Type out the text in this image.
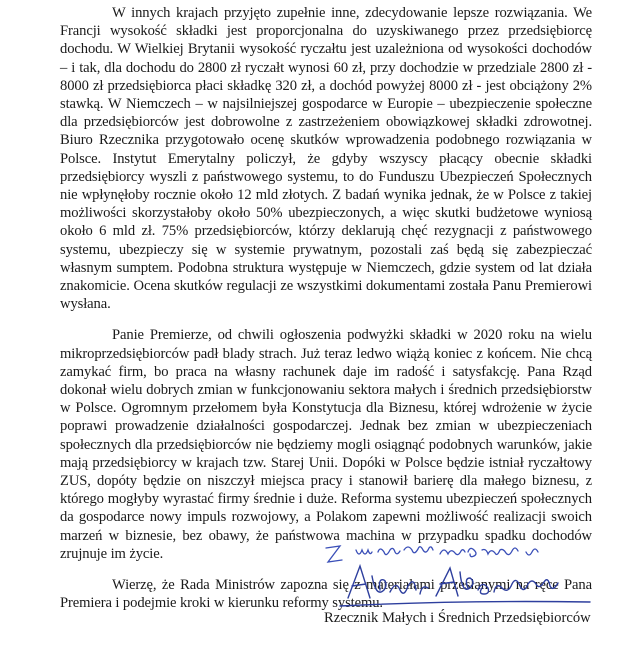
W innych krajach przyjęto zupełnie inne, zdecydowanie lepsze rozwiązania. We Francji wysokość składki jest proporcjonalna do uzyskiwanego przez przedsiębiorcę dochodu. W Wielkiej Brytanii wysokość ryczałtu jest uzależniona od wysokości dochodów – i tak, dla dochodu do 2800 zł ryczałt wynosi 60 zł, przy dochodzie w przedziale 2800 zł - 8000 zł przedsiębiorca płaci składkę 320 zł, a dochód powyżej 8000 zł - jest obciążony 2% stawką. W Niemczech – w najsilniejszej gospodarce w Europie – ubezpieczenie społeczne dla przedsiębiorców jest dobrowolne z zastrzeżeniem obowiązkowej składki zdrowotnej. Biuro Rzecznika przygotowało ocenę skutków wprowadzenia podobnego rozwiązania w Polsce. Instytut Emerytalny policzył, że gdyby wszyscy płacący obecnie składki przedsiębiorcy wyszli z państwowego systemu, to do Funduszu Ubezpieczeń Społecznych nie wpłynęłoby rocznie około 12 mld złotych. Z badań wynika jednak, że w Polsce z takiej możliwości skorzystałoby około 50% ubezpieczonych, a więc skutki budżetowe wyniosą około 6 mld zł. 75% przedsiębiorców, którzy deklarują chęć rezygnacji z państwowego systemu, ubezpieczy się w systemie prywatnym, pozostali zaś będą się zabezpieczać własnym sumptem. Podobna struktura występuje w Niemczech, gdzie system od lat działa znakomicie. Ocena skutków regulacji ze wszystkimi dokumentami została Panu Premierowi wysłana.

Panie Premierze, od chwili ogłoszenia podwyżki składki w 2020 roku na wielu mikroprzedsiębiorców padł blady strach. Już teraz ledwo wiążą koniec z końcem. Nie chcą zamykać firm, bo praca na własny rachunek daje im radość i satysfakcję. Pana Rząd dokonał wielu dobrych zmian w funkcjonowaniu sektora małych i średnich przedsiębiorstw w Polsce. Ogromnym przełomem była Konstytucja dla Biznesu, której wdrożenie w życie poprawi prowadzenie działalności gospodarczej. Jednak bez zmian w ubezpieczeniach społecznych dla przedsiębiorców nie będziemy mogli osiągnąć podobnych warunków, jakie mają przedsiębiorcy w krajach tzw. Starej Unii. Dopóki w Polsce będzie istniał ryczałtowy ZUS, dopóty będzie on niszczył miejsca pracy i stanowił barierę dla małego biznesu, z którego mogłyby wyrastać firmy średnie i duże. Reforma systemu ubezpieczeń społecznych da gospodarce nowy impuls rozwojowy, a Polakom zapewni możliwość realizacji swoich marzeń w biznesie, bez obawy, że państwowa machina w przypadku spadku dochodów zrujnuje im życie.

Wierzę, że Rada Ministrów zapozna się z materiałami przesłanymi na ręce Pana Premiera i podejmie kroki w kierunku reformy systemu.

Rzecznik Małych i Średnich Przedsiębiorców
